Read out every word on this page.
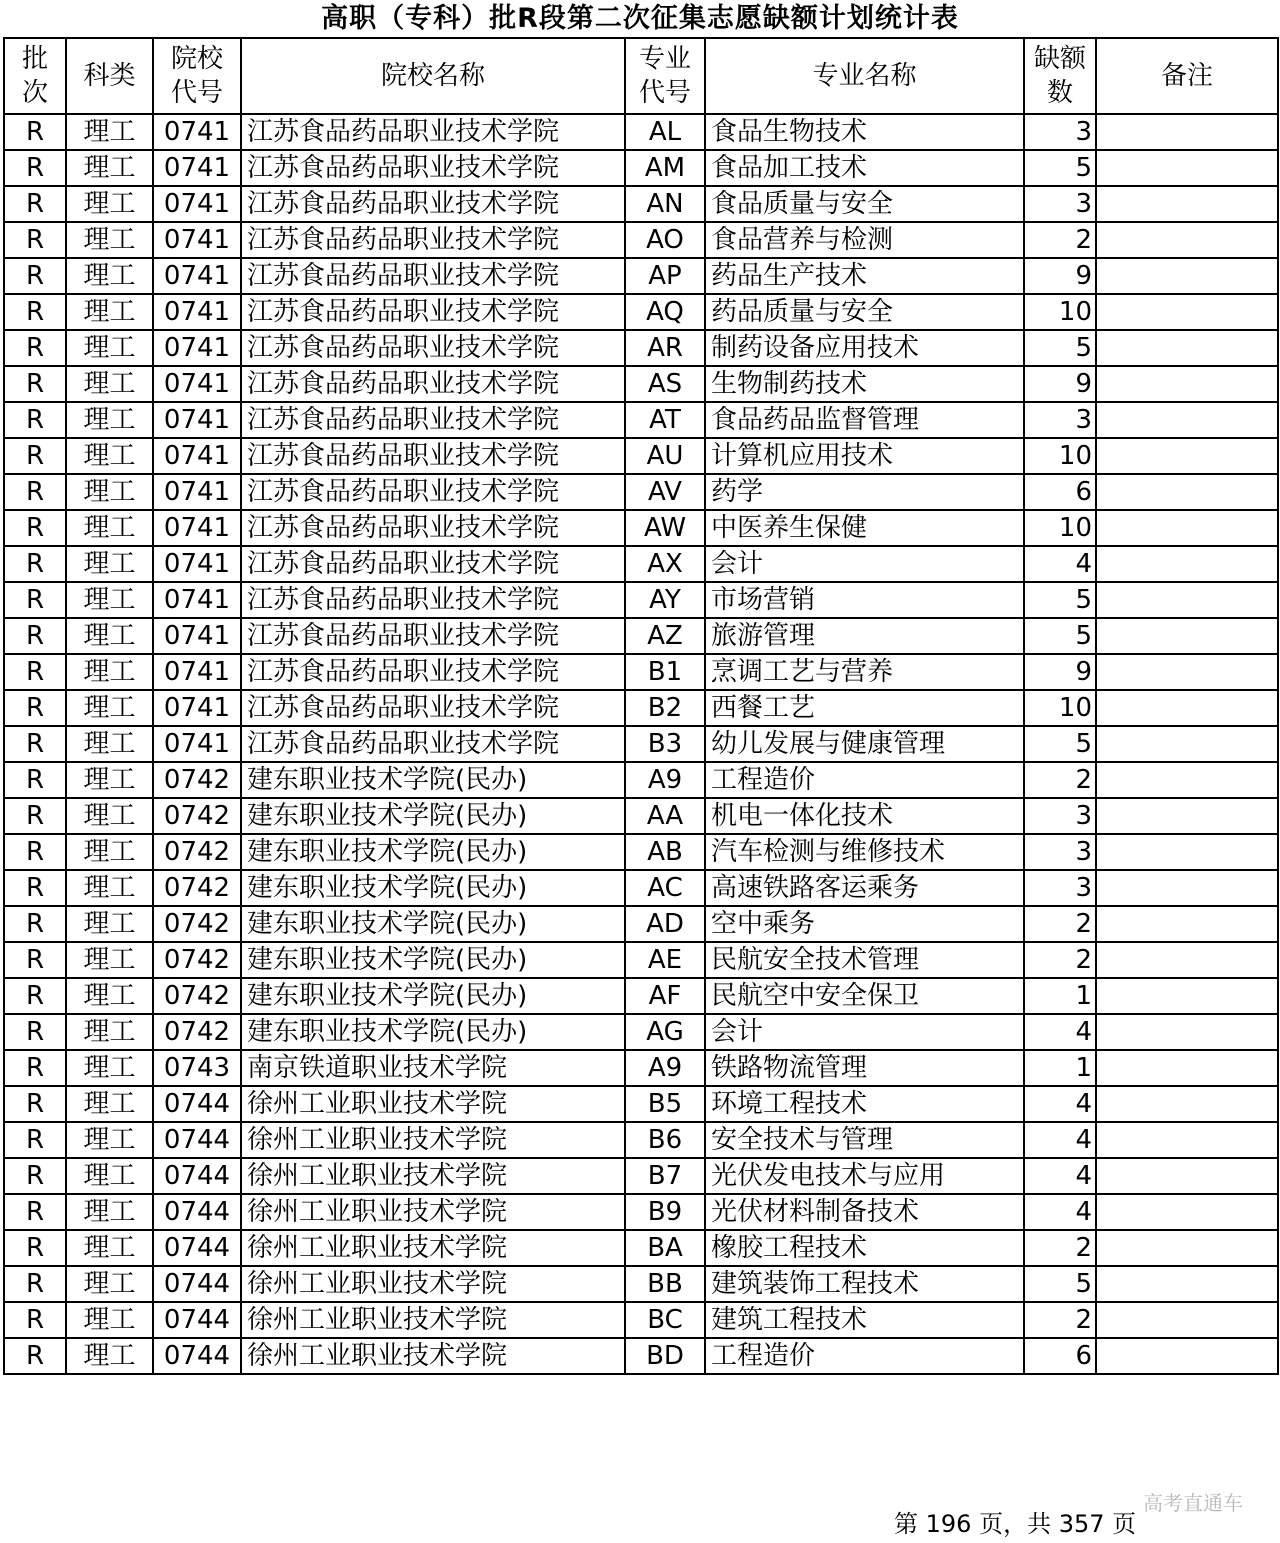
高职（专科）批R段第二次征集志愿缺额计划统计表
批次	科类	院校代号	院校名称	专业代号	专业名称	缺额数	备注
R	理工	0741	江苏食品药品职业技术学院	AL	食品生物技术	3	
R	理工	0741	江苏食品药品职业技术学院	AM	食品加工技术	5	
R	理工	0741	江苏食品药品职业技术学院	AN	食品质量与安全	3	
R	理工	0741	江苏食品药品职业技术学院	AO	食品营养与检测	2	
R	理工	0741	江苏食品药品职业技术学院	AP	药品生产技术	9	
R	理工	0741	江苏食品药品职业技术学院	AQ	药品质量与安全	10	
R	理工	0741	江苏食品药品职业技术学院	AR	制药设备应用技术	5	
R	理工	0741	江苏食品药品职业技术学院	AS	生物制药技术	9	
R	理工	0741	江苏食品药品职业技术学院	AT	食品药品监督管理	3	
R	理工	0741	江苏食品药品职业技术学院	AU	计算机应用技术	10	
R	理工	0741	江苏食品药品职业技术学院	AV	药学	6	
R	理工	0741	江苏食品药品职业技术学院	AW	中医养生保健	10	
R	理工	0741	江苏食品药品职业技术学院	AX	会计	4	
R	理工	0741	江苏食品药品职业技术学院	AY	市场营销	5	
R	理工	0741	江苏食品药品职业技术学院	AZ	旅游管理	5	
R	理工	0741	江苏食品药品职业技术学院	B1	烹调工艺与营养	9	
R	理工	0741	江苏食品药品职业技术学院	B2	西餐工艺	10	
R	理工	0741	江苏食品药品职业技术学院	B3	幼儿发展与健康管理	5	
R	理工	0742	建东职业技术学院(民办)	A9	工程造价	2	
R	理工	0742	建东职业技术学院(民办)	AA	机电一体化技术	3	
R	理工	0742	建东职业技术学院(民办)	AB	汽车检测与维修技术	3	
R	理工	0742	建东职业技术学院(民办)	AC	高速铁路客运乘务	3	
R	理工	0742	建东职业技术学院(民办)	AD	空中乘务	2	
R	理工	0742	建东职业技术学院(民办)	AE	民航安全技术管理	2	
R	理工	0742	建东职业技术学院(民办)	AF	民航空中安全保卫	1	
R	理工	0742	建东职业技术学院(民办)	AG	会计	4	
R	理工	0743	南京铁道职业技术学院	A9	铁路物流管理	1	
R	理工	0744	徐州工业职业技术学院	B5	环境工程技术	4	
R	理工	0744	徐州工业职业技术学院	B6	安全技术与管理	4	
R	理工	0744	徐州工业职业技术学院	B7	光伏发电技术与应用	4	
R	理工	0744	徐州工业职业技术学院	B9	光伏材料制备技术	4	
R	理工	0744	徐州工业职业技术学院	BA	橡胶工程技术	2	
R	理工	0744	徐州工业职业技术学院	BB	建筑装饰工程技术	5	
R	理工	0744	徐州工业职业技术学院	BC	建筑工程技术	2	
R	理工	0744	徐州工业职业技术学院	BD	工程造价	6	
高考直通车
第 196 页，共 357 页
